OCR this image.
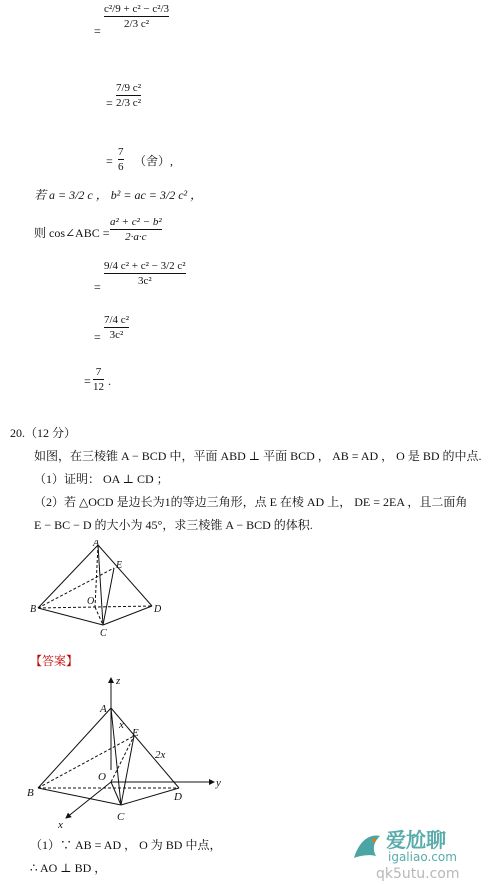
c²/9 + c² − c²/3
2/3 c²
=
7/9 c²
2/3 c²
=
=
7
6 （舍）,
若 a = 3/2 c ， b² = ac = 3/2 c² ，
则 cos∠ABC =
a² + c² − b²
2·a·c
=
9/4 c² + c² − 3/2 c²
3c²
=
7/4 c²
3c²
=
7
12 .
20.（12 分）
如图，在三棱锥 A − BCD 中，平面 ABD ⊥ 平面 BCD ， AB = AD ， O 是 BD 的中点.
（1）证明： OA ⊥ CD ；
（2）若 △OCD 是边长为1的等边三角形，点 E 在棱 AD 上， DE = 2EA ，且二面角
E − BC − D 的大小为 45°，求三棱锥 A − BCD 的体积.
A
E
O
B	D
C
【答案】
z
A
x
E
2x
O
B	D
y
C
x
（1）∵ AB = AD ， O 为 BD 中点，
∴ AO ⊥ BD ，
爱尬聊
igaliao.com
qk5utu.com
